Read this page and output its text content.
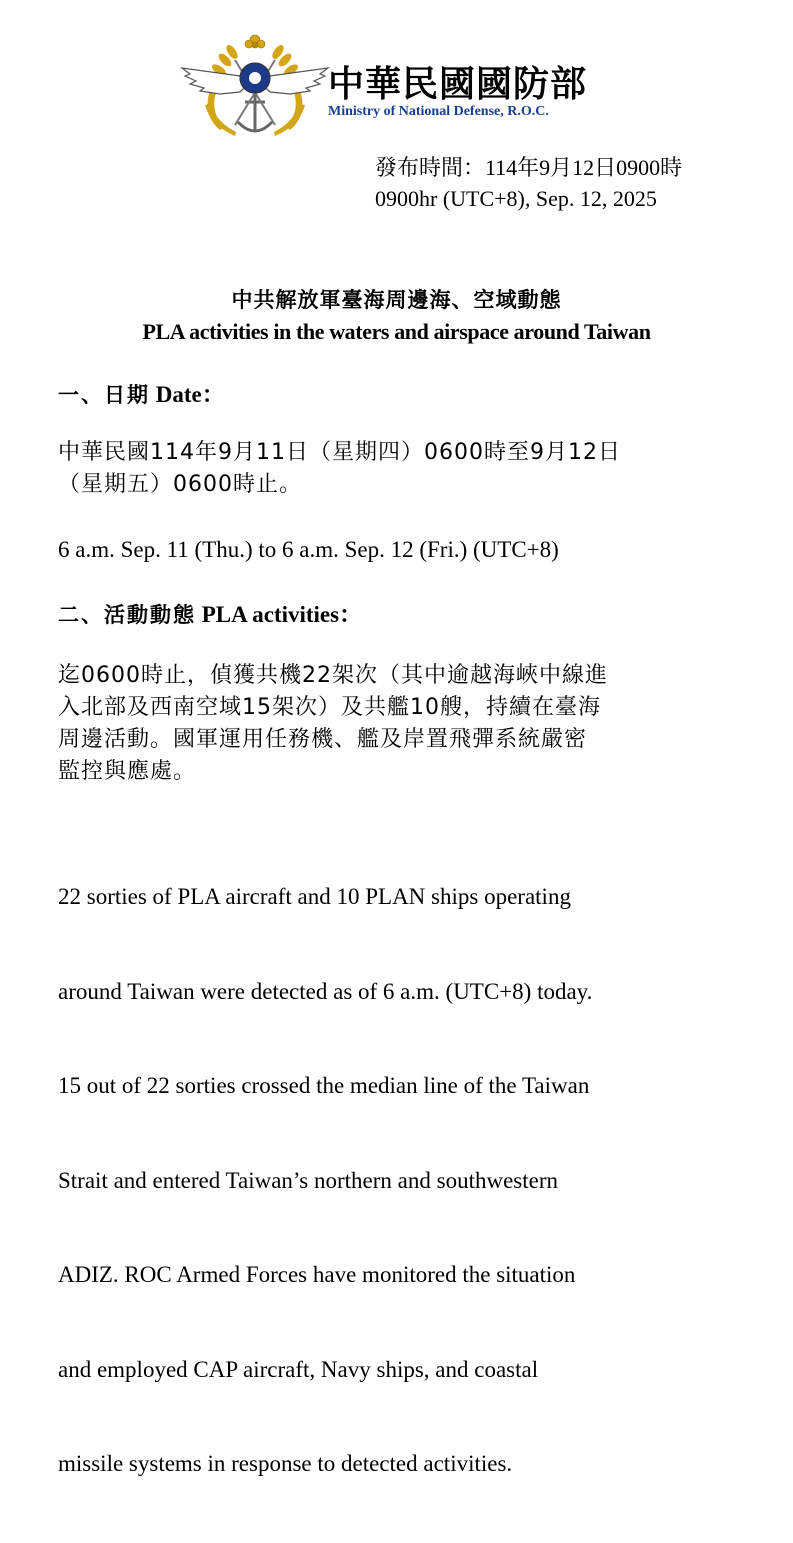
中華民國國防部
Ministry of National Defense, R.O.C.
發布時間：114年9月12日0900時
0900hr (UTC+8), Sep. 12, 2025
中共解放軍臺海周邊海、空域動態
PLA activities in the waters and airspace around Taiwan
一、日期 Date：
中華民國114年9月11日（星期四）0600時至9月12日
（星期五）0600時止。
6 a.m. Sep. 11 (Thu.) to 6 a.m. Sep. 12 (Fri.) (UTC+8)
二、活動動態 PLA activities：
迄0600時止，偵獲共機22架次（其中逾越海峽中線進
入北部及西南空域15架次）及共艦10艘，持續在臺海
周邊活動。國軍運用任務機、艦及岸置飛彈系統嚴密
監控與應處。

22 sorties of PLA aircraft and 10 PLAN ships operating

around Taiwan were detected as of 6 a.m. (UTC+8) today.

15 out of 22 sorties crossed the median line of the Taiwan

Strait and entered Taiwan’s northern and southwestern

ADIZ. ROC Armed Forces have monitored the situation

and employed CAP aircraft, Navy ships, and coastal

missile systems in response to detected activities.
